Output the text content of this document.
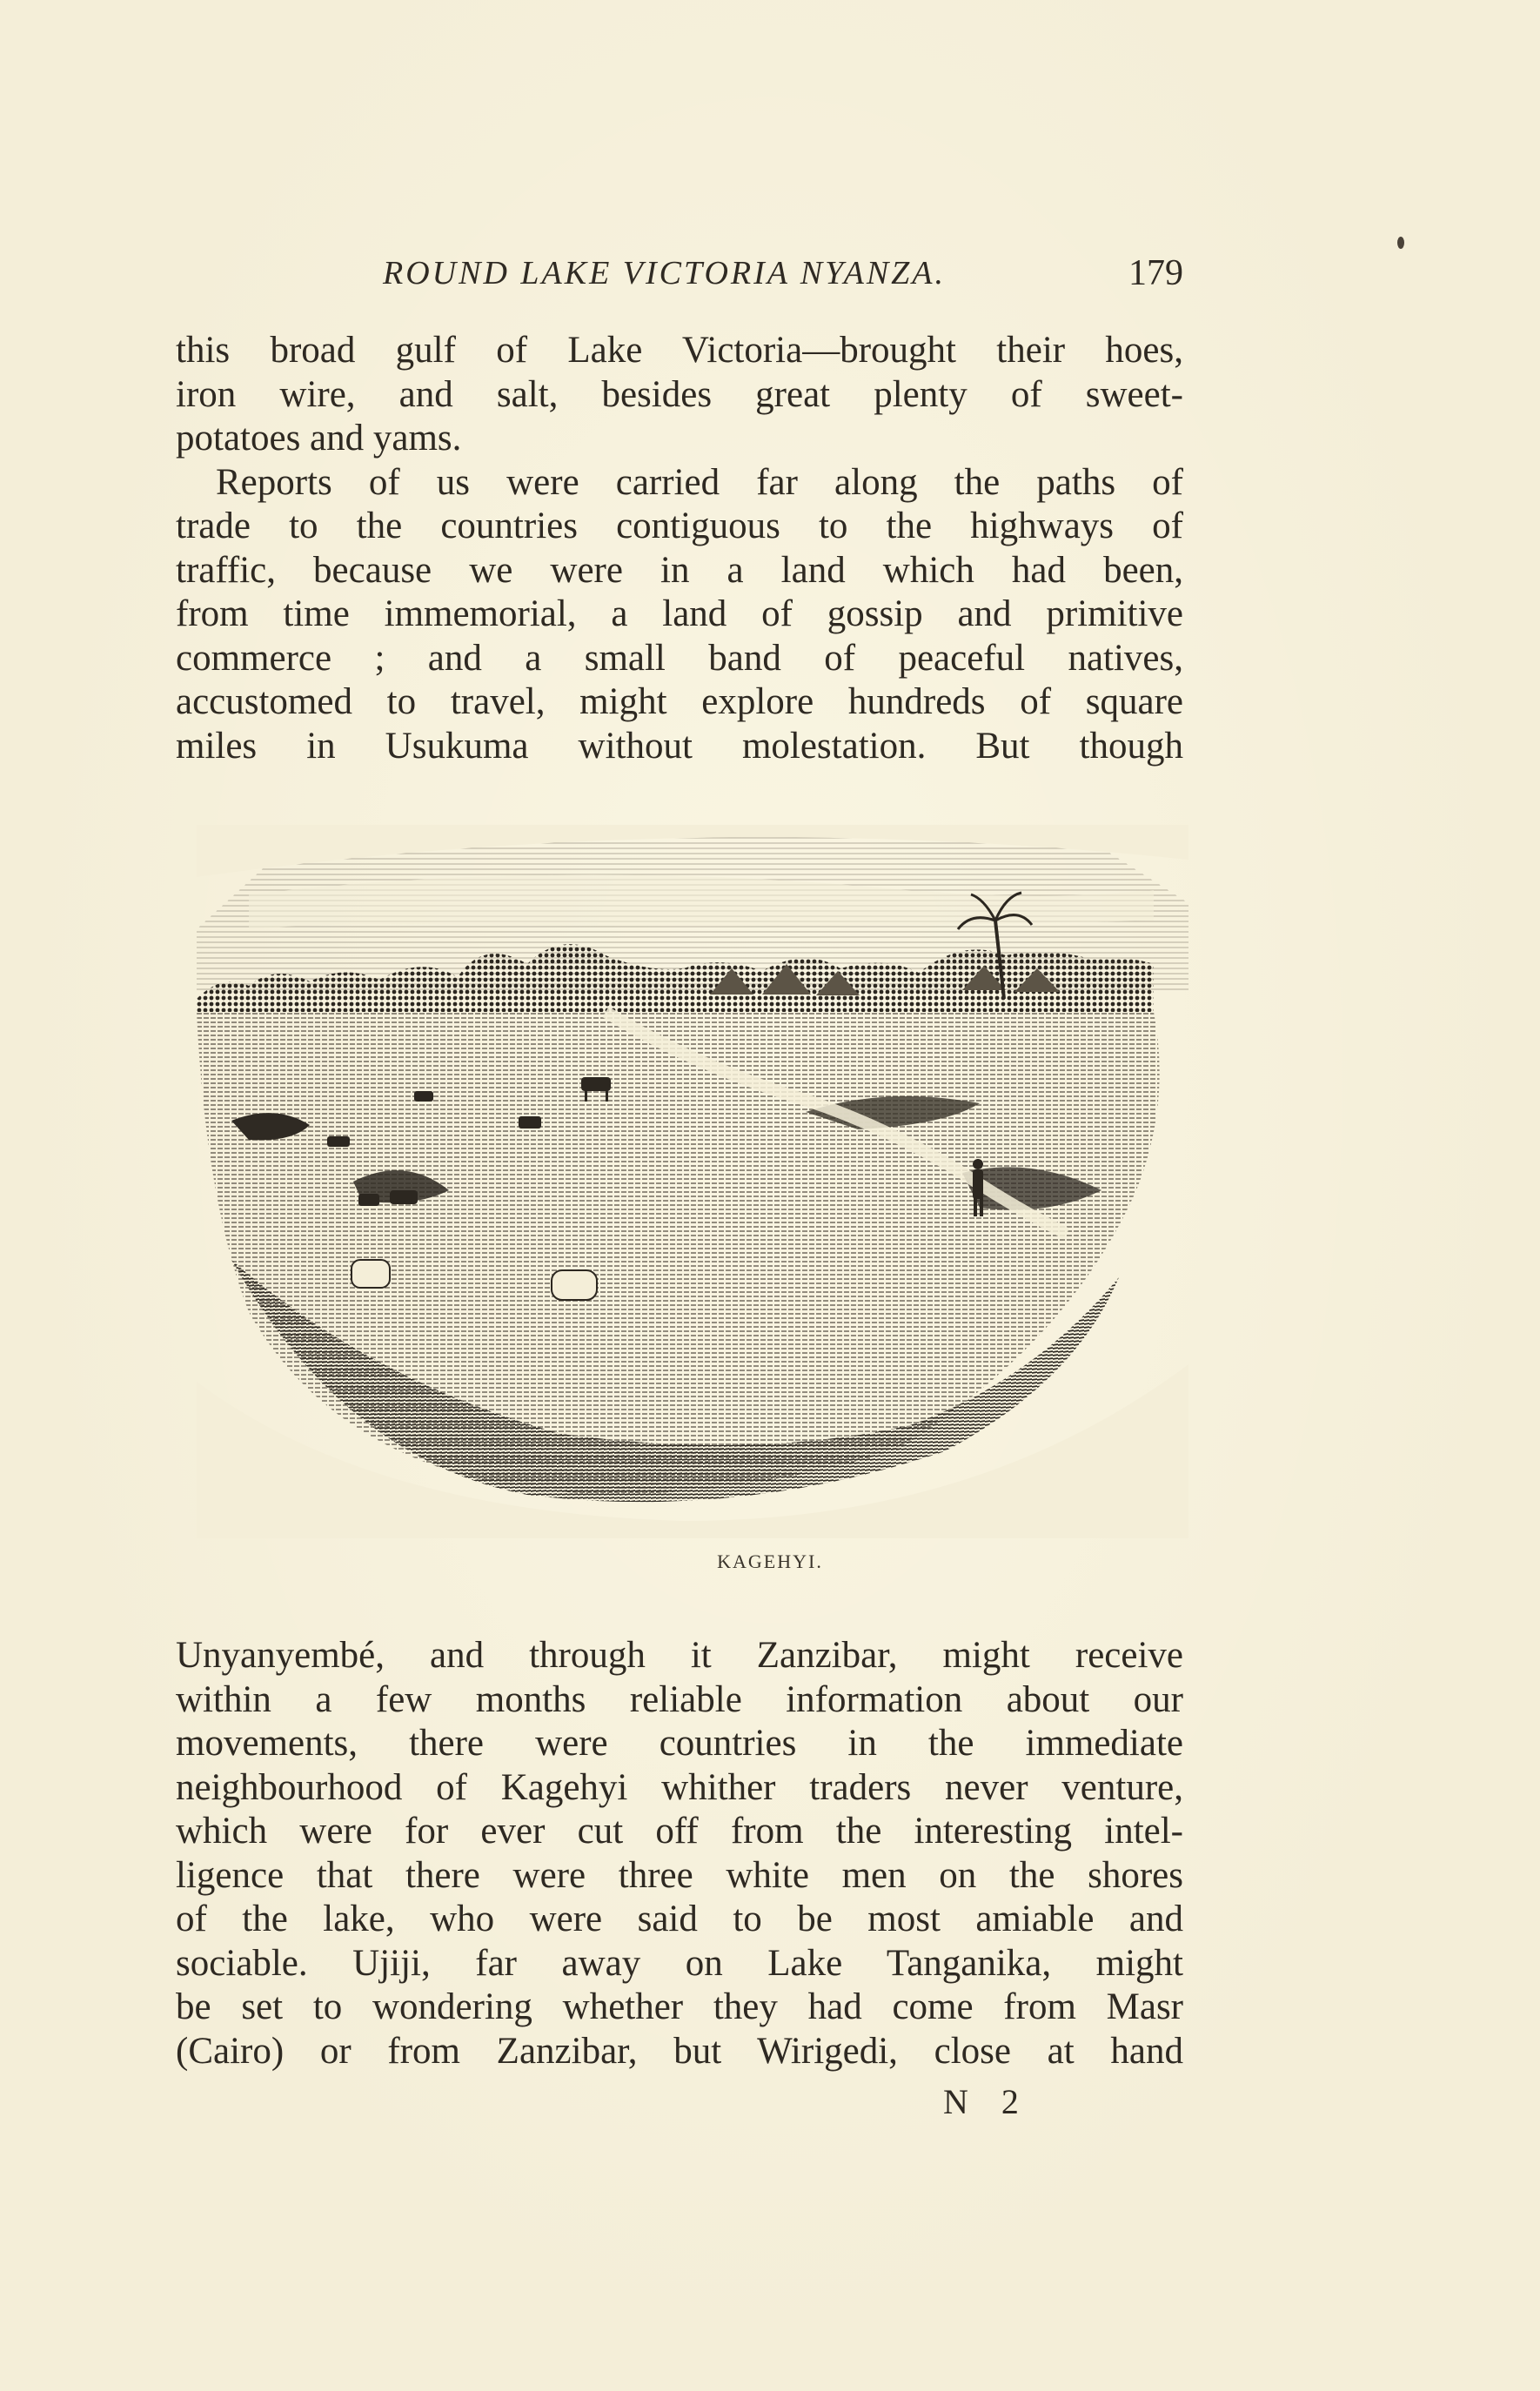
ROUND LAKE VICTORIA NYANZA.	179

this broad gulf of Lake Victoria—brought their hoes,

iron wire, and salt, besides great plenty of sweet-

potatoes and yams.

Reports of us were carried far along the paths of

trade to the countries contiguous to the highways of

traffic, because we were in a land which had been,

from time immemorial, a land of gossip and primitive

commerce ; and a small band of peaceful natives,

accustomed to travel, might explore hundreds of square

miles in Usukuma without molestation. But though

KAGEHYI.

Unyanyembé, and through it Zanzibar, might receive

within a few months reliable information about our

movements, there were countries in the immediate

neighbourhood of Kagehyi whither traders never venture,

which were for ever cut off from the interesting intel-

ligence that there were three white men on the shores

of the lake, who were said to be most amiable and

sociable. Ujiji, far away on Lake Tanganika, might

be set to wondering whether they had come from Masr

(Cairo) or from Zanzibar, but Wirigedi, close at hand

N 2
